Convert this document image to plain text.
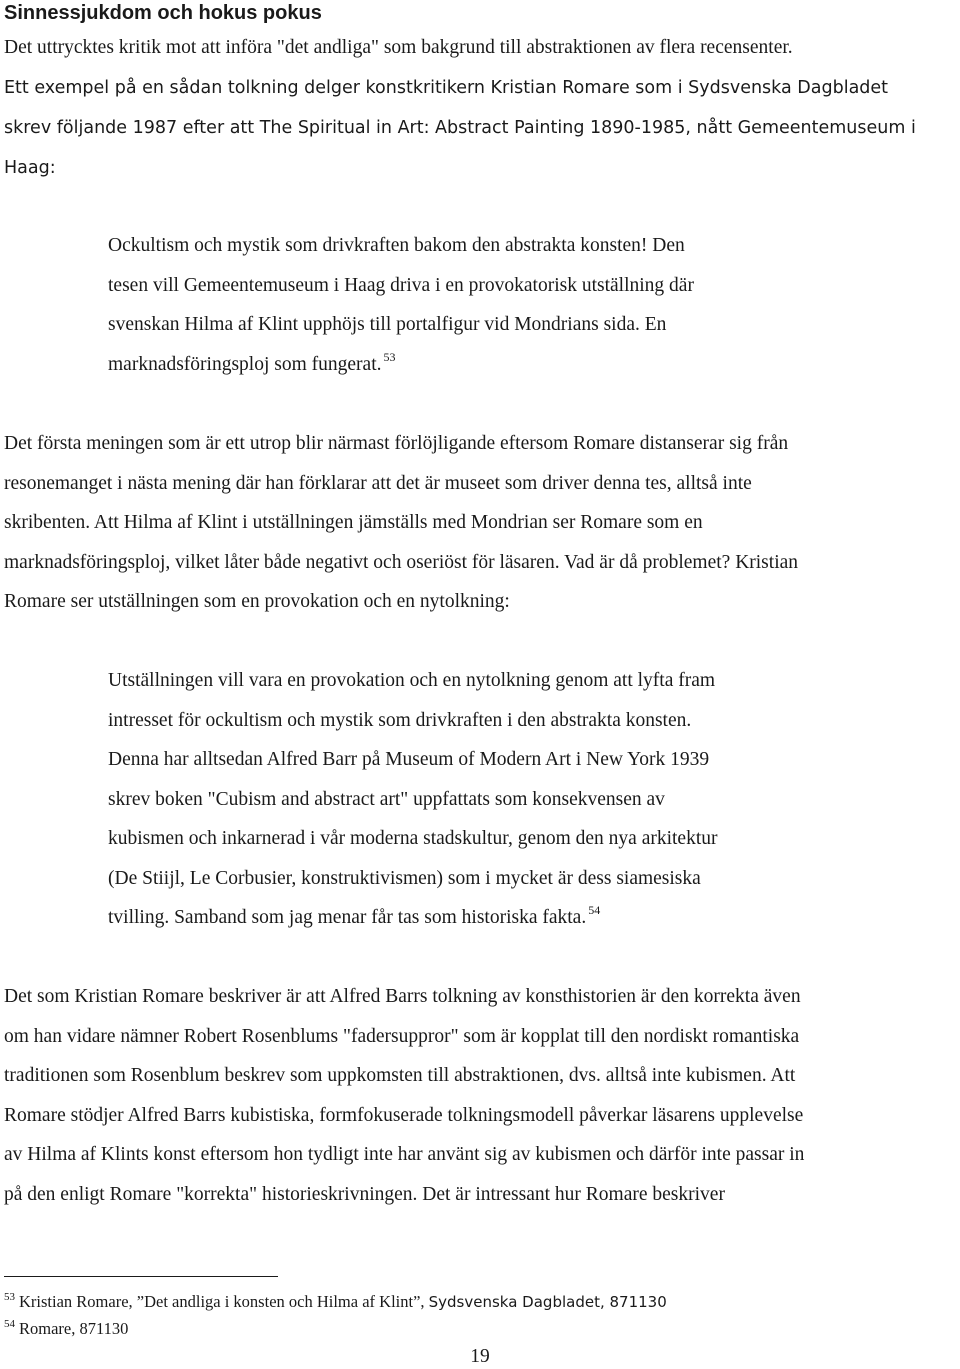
Sinnessjukdom och hokus pokus

Det uttrycktes kritik mot att införa "det andliga" som bakgrund till abstraktionen av flera recensenter.

Ett exempel på en sådan tolkning delger konstkritikern Kristian Romare som i Sydsvenska Dagbladet

skrev följande 1987 efter att The Spiritual in Art: Abstract Painting 1890-1985, nått Gemeentemuseum i

Haag:

Ockultism och mystik som drivkraften bakom den abstrakta konsten! Den

tesen vill Gemeentemuseum i Haag driva i en provokatorisk utställning där

svenskan Hilma af Klint upphöjs till portalfigur vid Mondrians sida. En

marknadsföringsploj som fungerat. $^{53}$

Det första meningen som är ett utrop blir närmast förlöjligande eftersom Romare distanserar sig från

resonemanget i nästa mening där han förklarar att det är museet som driver denna tes, alltså inte

skribenten. Att Hilma af Klint i utställningen jämställs med Mondrian ser Romare som en

marknadsföringsploj, vilket låter både negativt och oseriöst för läsaren. Vad är då problemet? Kristian

Romare ser utställningen som en provokation och en nytolkning:

Utställningen vill vara en provokation och en nytolkning genom att lyfta fram

intresset för ockultism och mystik som drivkraften i den abstrakta konsten.

Denna har alltsedan Alfred Barr på Museum of Modern Art i New York 1939

skrev boken "Cubism and abstract art" uppfattats som konsekvensen av

kubismen och inkarnerad i vår moderna stadskultur, genom den nya arkitektur

(De Stiijl, Le Corbusier, konstruktivismen) som i mycket är dess siamesiska

tvilling. Samband som jag menar får tas som historiska fakta. $^{54}$

Det som Kristian Romare beskriver är att Alfred Barrs tolkning av konsthistorien är den korrekta även

om han vidare nämner Robert Rosenblums "fadersuppror" som är kopplat till den nordiskt romantiska

traditionen som Rosenblum beskrev som uppkomsten till abstraktionen, dvs. alltså inte kubismen. Att

Romare stödjer Alfred Barrs kubistiska, formfokuserade tolkningsmodell påverkar läsarens upplevelse

av Hilma af Klints konst eftersom hon tydligt inte har använt sig av kubismen och därför inte passar in

på den enligt Romare "korrekta" historieskrivningen. Det är intressant hur Romare beskriver

$^{53}$ Kristian Romare, ”Det andliga i konsten och Hilma af Klint”, Sydsvenska Dagbladet, 871130

$^{54}$ Romare, 871130

19
